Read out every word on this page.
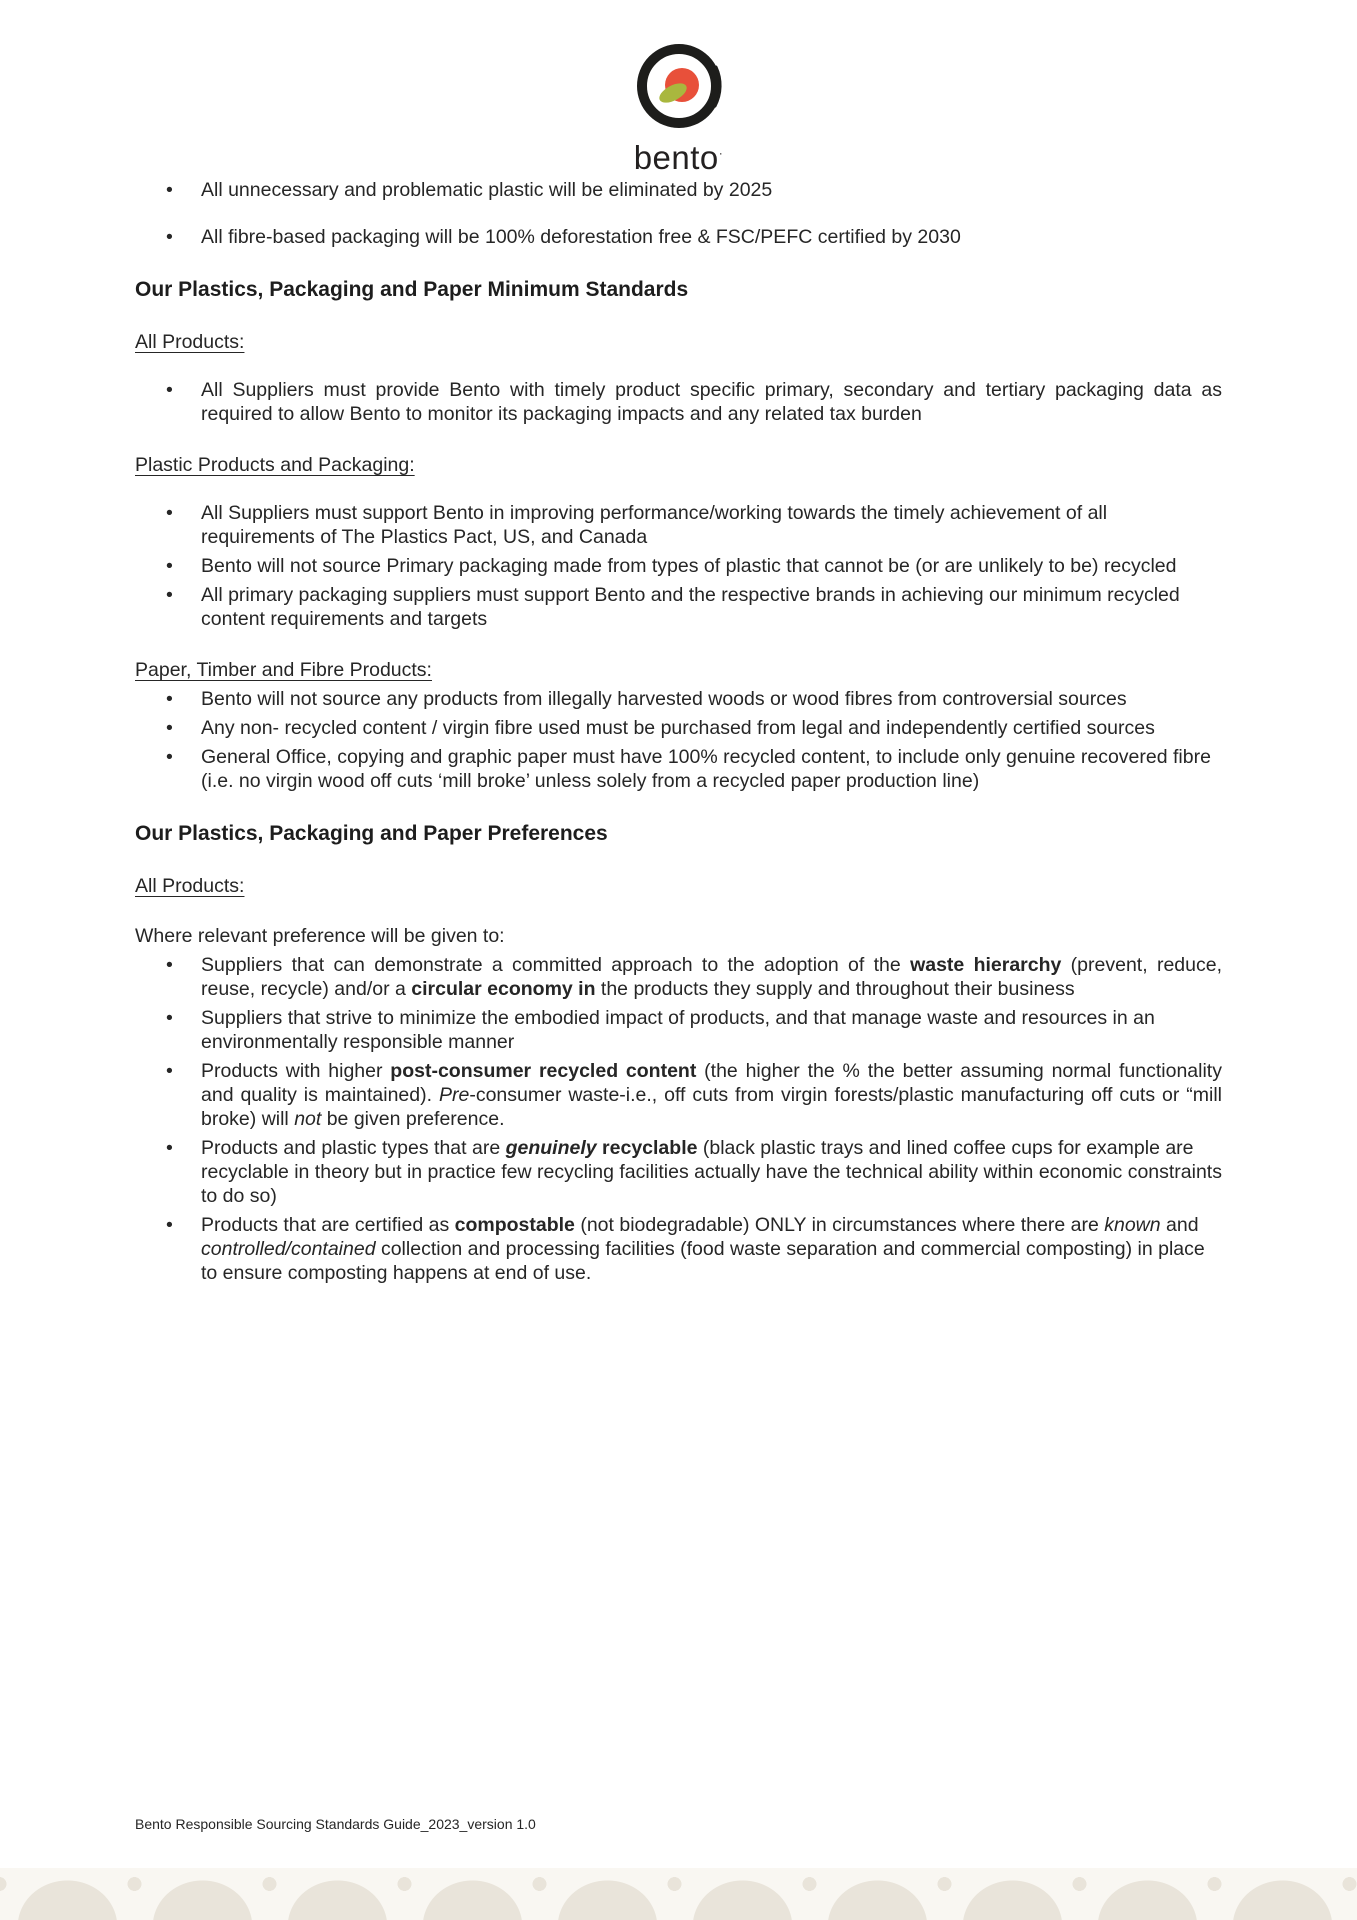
bento·
• All unnecessary and problematic plastic will be eliminated by 2025
• All fibre-based packaging will be 100% deforestation free & FSC/PEFC certified by 2030
Our Plastics, Packaging and Paper Minimum Standards
All Products:
• All Suppliers must provide Bento with timely product specific primary, secondary and tertiary packaging data as required to allow Bento to monitor its packaging impacts and any related tax burden
Plastic Products and Packaging:
• All Suppliers must support Bento in improving performance/working towards the timely achievement of all requirements of The Plastics Pact, US, and Canada
• Bento will not source Primary packaging made from types of plastic that cannot be (or are unlikely to be) recycled
• All primary packaging suppliers must support Bento and the respective brands in achieving our minimum recycled content requirements and targets
Paper, Timber and Fibre Products:
• Bento will not source any products from illegally harvested woods or wood fibres from controversial sources
• Any non- recycled content / virgin fibre used must be purchased from legal and independently certified sources
• General Office, copying and graphic paper must have 100% recycled content, to include only genuine recovered fibre (i.e. no virgin wood off cuts ‘mill broke’ unless solely from a recycled paper production line)
Our Plastics, Packaging and Paper Preferences
All Products:

Where relevant preference will be given to:

• Suppliers that can demonstrate a committed approach to the adoption of the waste hierarchy (prevent, reduce, reuse, recycle) and/or a circular economy in the products they supply and throughout their business
• Suppliers that strive to minimize the embodied impact of products, and that manage waste and resources in an environmentally responsible manner
• Products with higher post-consumer recycled content (the higher the % the better assuming normal functionality and quality is maintained). Pre-consumer waste-i.e., off cuts from virgin forests/plastic manufacturing off cuts or “mill broke) will not be given preference.
• Products and plastic types that are genuinely recyclable (black plastic trays and lined coffee cups for example are recyclable in theory but in practice few recycling facilities actually have the technical ability within economic constraints to do so)
• Products that are certified as compostable (not biodegradable) ONLY in circumstances where there are known and controlled/contained collection and processing facilities (food waste separation and commercial composting) in place to ensure composting happens at end of use.
Bento Responsible Sourcing Standards Guide_2023_version 1.0
